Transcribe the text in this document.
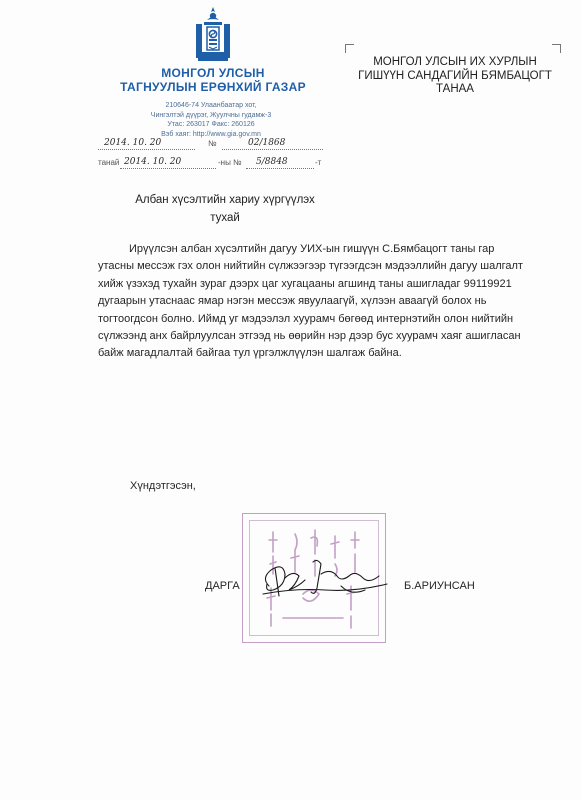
МОНГОЛ УЛСЫН
ТАГНУУЛЫН ЕРӨНХИЙ ГАЗАР
210646-74 Улаанбаатар хот,
Чингэлтэй дүүрэг, Жуулчны гудамж-3
Утас: 263017 Факс: 260126
Вэб хаяг: http://www.gia.gov.mn
МОНГОЛ УЛСЫН ИХ ХУРЛЫН
ГИШҮҮН САНДАГИЙН БЯМБАЦОГТ
ТАНАА
2014. 10. 20	№	02/1868
танай 2014. 10. 20	-ны № 5/8848	-т
Албан хүсэлтийн хариу хүргүүлэх
тухай
Ирүүлсэн албан хүсэлтийн дагуу УИХ-ын гишүүн С.Бямбацогт таны гар
утасны мессэж гэх олон нийтийн сүлжээгээр түгээгдсэн мэдээллийн дагуу шалгалт
хийж үзэхэд тухайн зураг дээрх цаг хугацааны агшинд таны ашигладаг 99119921
дугаарын утаснаас ямар нэгэн мессэж явуулаагүй, хүлээн аваагүй болох нь
тогтоогдсон болно. Иймд уг мэдээлэл хуурамч бөгөөд интернэтийн олон нийтийн
сүлжээнд анх байрлуулсан этгээд нь өөрийн нэр дээр бус хуурамч хаяг ашигласан
байж магадлалтай байгаа тул үргэлжлүүлэн шалгаж байна.
Хүндэтгэсэн,
ДАРГА	Б.АРИУНСАН
